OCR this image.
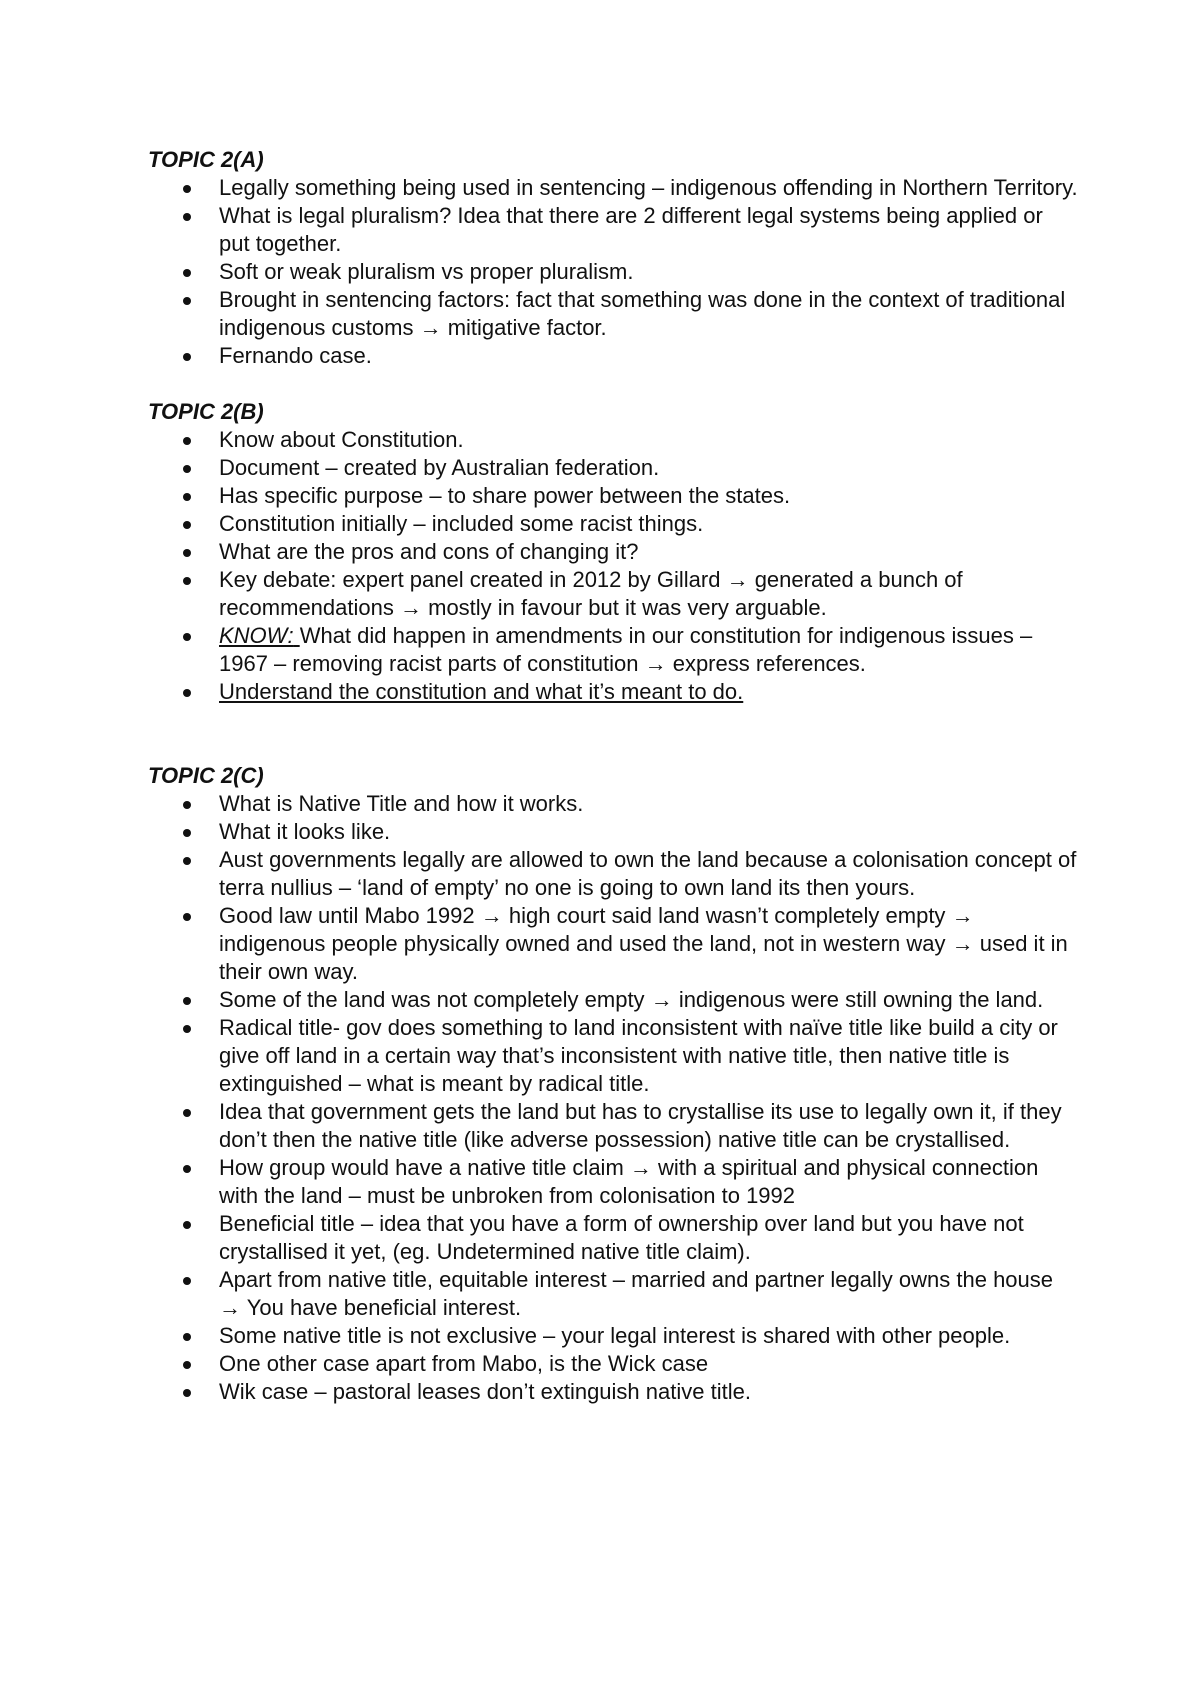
TOPIC 2(A)

Legally something being used in sentencing – indigenous offending in Northern Territory.
What is legal pluralism? Idea that there are 2 different legal systems being applied or put together.
Soft or weak pluralism vs proper pluralism.
Brought in sentencing factors: fact that something was done in the context of traditional indigenous customs → mitigative factor.
Fernando case.

TOPIC 2(B)

Know about Constitution.
Document – created by Australian federation.
Has specific purpose – to share power between the states.
Constitution initially – included some racist things.
What are the pros and cons of changing it?
Key debate: expert panel created in 2012 by Gillard → generated a bunch of recommendations → mostly in favour but it was very arguable.
KNOW: What did happen in amendments in our constitution for indigenous issues – 1967 – removing racist parts of constitution → express references.
Understand the constitution and what it’s meant to do.

TOPIC 2(C)

What is Native Title and how it works.
What it looks like.
Aust governments legally are allowed to own the land because a colonisation concept of terra nullius – ‘land of empty’ no one is going to own land its then yours.
Good law until Mabo 1992 → high court said land wasn’t completely empty → indigenous people physically owned and used the land, not in western way → used it in their own way.
Some of the land was not completely empty → indigenous were still owning the land.
Radical title- gov does something to land inconsistent with naïve title like build a city or give off land in a certain way that’s inconsistent with native title, then native title is extinguished – what is meant by radical title.
Idea that government gets the land but has to crystallise its use to legally own it, if they don’t then the native title (like adverse possession) native title can be crystallised.
How group would have a native title claim → with a spiritual and physical connection with the land – must be unbroken from colonisation to 1992
Beneficial title – idea that you have a form of ownership over land but you have not crystallised it yet, (eg. Undetermined native title claim).
Apart from native title, equitable interest – married and partner legally owns the house → You have beneficial interest.
Some native title is not exclusive – your legal interest is shared with other people.
One other case apart from Mabo, is the Wick case
Wik case – pastoral leases don’t extinguish native title.
